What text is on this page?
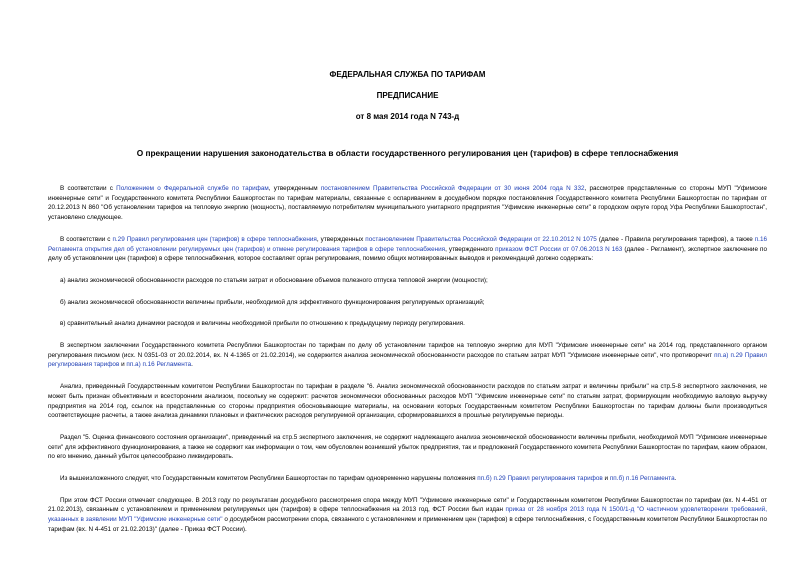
ФЕДЕРАЛЬНАЯ СЛУЖБА ПО ТАРИФАМ
ПРЕДПИСАНИЕ
от 8 мая 2014 года N 743-д
О прекращении нарушения законодательства в области государственного регулирования цен (тарифов) в сфере теплоснабжения

В соответствии с Положением о Федеральной службе по тарифам, утвержденным постановлением Правительства Российской Федерации от 30 июня 2004 года N 332, рассмотрев представленные со стороны МУП "Уфимские инженерные сети" и Государственного комитета Республики Башкортостан по тарифам материалы, связанные с оспариванием в досудебном порядке постановления Государственного комитета Республики Башкортостан по тарифам от 20.12.2013 N 860 "Об установлении тарифов на тепловую энергию (мощность), поставляемую потребителям муниципального унитарного предприятия "Уфимские инженерные сети" в городском округе город Уфа Республики Башкортостан", установлено следующее.

В соответствии с п.29 Правил регулирования цен (тарифов) в сфере теплоснабжения, утвержденных постановлением Правительства Российской Федерации от 22.10.2012 N 1075 (далее - Правила регулирования тарифов), а также п.16 Регламента открытия дел об установлении регулируемых цен (тарифов) и отмене регулирования тарифов в сфере теплоснабжения, утвержденного приказом ФСТ России от 07.06.2013 N 163 (далее - Регламент), экспертное заключение по делу об установлении цен (тарифов) в сфере теплоснабжения, которое составляет орган регулирования, помимо общих мотивированных выводов и рекомендаций должно содержать:

а) анализ экономической обоснованности расходов по статьям затрат и обоснование объемов полезного отпуска тепловой энергии (мощности);

б) анализ экономической обоснованности величины прибыли, необходимой для эффективного функционирования регулируемых организаций;

в) сравнительный анализ динамики расходов и величины необходимой прибыли по отношению к предыдущему периоду регулирования.

В экспертном заключении Государственного комитета Республики Башкортостан по тарифам по делу об установлении тарифов на тепловую энергию для МУП "Уфимские инженерные сети" на 2014 год, представленного органом регулирования письмом (исх. N 0351-03 от 20.02.2014, вх. N 4-1365 от 21.02.2014), не содержится анализа экономической обоснованности расходов по статьям затрат МУП "Уфимские инженерные сети", что противоречит пп.а) п.29 Правил регулирования тарифов и пп.а) п.16 Регламента.

Анализ, приведенный Государственным комитетом Республики Башкортостан по тарифам в разделе "6. Анализ экономической обоснованности расходов по статьям затрат и величины прибыли" на стр.5-8 экспертного заключения, не может быть признан объективным и всесторонним анализом, поскольку не содержит: расчетов экономически обоснованных расходов МУП "Уфимские инженерные сети" по статьям затрат, формирующим необходимую валовую выручку предприятия на 2014 год, ссылок на представленные со стороны предприятия обосновывающие материалы, на основании которых Государственным комитетом Республики Башкортостан по тарифам должны были производиться соответствующие расчеты, а также анализа динамики плановых и фактических расходов регулируемой организации, сформировавшихся в прошлые регулируемые периоды.

Раздел "5. Оценка финансового состояния организации", приведенный на стр.5 экспертного заключения, не содержит надлежащего анализа экономической обоснованности величины прибыли, необходимой МУП "Уфимские инженерные сети" для эффективного функционирования, а также не содержит как информации о том, чем обусловлен возникший убыток предприятия, так и предложений Государственного комитета Республики Башкортостан по тарифам, каким образом, по его мнению, данный убыток целесообразно ликвидировать.

Из вышеизложенного следует, что Государственным комитетом Республики Башкортостан по тарифам одновременно нарушены положения пп.б) п.29 Правил регулирования тарифов и пп.б) п.16 Регламента.

При этом ФСТ России отмечает следующее. В 2013 году по результатам досудебного рассмотрения спора между МУП "Уфимские инженерные сети" и Государственным комитетом Республики Башкортостан по тарифам (вх. N 4-451 от 21.02.2013), связанным с установлением и применением регулируемых цен (тарифов) в сфере теплоснабжения на 2013 год, ФСТ России был издан приказ от 28 ноября 2013 года N 1500/1-д "О частичном удовлетворении требований, указанных в заявлении МУП "Уфимские инженерные сети" о досудебном рассмотрении спора, связанного с установлением и применением цен (тарифов) в сфере теплоснабжения, с Государственным комитетом Республики Башкортостан по тарифам (вх. N 4-451 от 21.02.2013)" (далее - Приказ ФСТ России).
